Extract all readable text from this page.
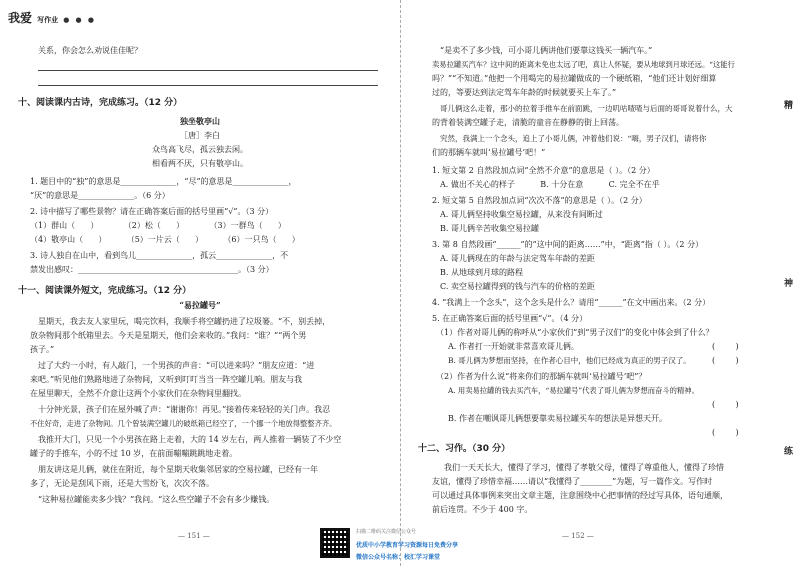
我爱 写作业 ● ● ●
关系，你会怎么劝说佳佳呢？
十、阅读课内古诗，完成练习。（12 分）
独坐敬亭山
［唐］李白
众鸟高飞尽，孤云独去闲。
相看两不厌，只有敬亭山。
1. 题目中的“独”的意思是______________，“尽”的意思是______________，
“厌”的意思是______________。（6 分）
2. 诗中描写了哪些景物？请在正确答案后面的括号里画“√”。（3 分）
（1）群山（      ）          （2）松（      ）          （3）一群鸟（      ）
（4）敬亭山（      ）        （5）一片云（      ）        （6）一只鸟（      ）
3. 诗人独自在山中，看到鸟儿______________，孤云______________，不
禁发出感叹：________________________________________。（3 分）
十一、阅读课外短文，完成练习。（12 分）
“易拉罐号”
星期天，我去友人家里玩，喝完饮料，我顺手将空罐扔进了垃圾篓。“不，别丢掉，
放杂物间那个纸箱里去。今天是星期天，他们会来收的。”我问：“谁？”“两个男
孩子。”
过了大约一小时，有人敲门，一个男孩的声音：“可以进来吗？”朋友应道：“进
来吧。”听见他们熟路地进了杂物间，又听到叮叮当当一阵空罐儿响。朋友与我
在屋里聊天，全然不介意让这两个小家伙们在杂物间里翻找。
十分钟光景，孩子们在屋外喊了声：“谢谢你！再见。”接着传来轻轻的关门声。我忍
不住好奇，走进了杂物间。几个曾装满空罐儿的破纸箱已经空了，一个挪一个地放得整整齐齐。
我推开大门，只见一个小男孩在路上走着，大的 14 岁左右，两人推着一辆装了不少空
罐子的手推车，小的不过 10 岁，在前面嘣嘣跳跳地走着。
朋友讲这是儿俩，就住在附近，每个星期天收集邻居家的空易拉罐，已经有一年
多了，无论是刮风下雨，还是大雪纷飞，次次不落。
“这种易拉罐能卖多少钱？”我问。“这么些空罐子不会有多少赚钱。
— 151 —
“是卖不了多少钱，可小哥儿俩讲他们要靠这钱买一辆汽车。”
卖易拉罐买汽车？这中间的距离未免也太远了吧，真让人怀疑，要从地球到月球还远。“这能行
吗？”“不知道。”他把一个用喝完的易拉罐做成的一个硬纸箱，“他们还计划好细算
过的，等要达到法定驾车年龄的时候就要买上车了。”
哥儿俩这么走着，那小的拉着手推车在前面跳，一边叽咕喳喳与后面的哥哥说着什么，大
的背着装满空罐子走，清脆的童音在静静的街上回荡。
究然，我满上一个念头，追上了小哥儿俩，冲着他们说：“嗨，男子汉们，请将你
们的那辆车就叫‘易拉罐号’吧！”
1. 短文第 2 自然段加点词“全然不介意”的意思是（ ）。（2 分）
A. 做出不关心的样子          B. 十分在意          C. 完全不在乎
2. 短文第 5 自然段加点词“次次不落”的意思是（ ）。（2 分）
A. 哥儿俩坚持收集空易拉罐，从来没有间断过
B. 哥儿俩辛苦收集空易拉罐
3. 第 8 自然段画“______”的“这中间的距离……”中，“距离”指（ ）。（2 分）
A. 哥儿俩现在的年龄与法定驾车年龄的差距
B. 从地球到月球的路程
C. 卖空易拉罐得到的钱与汽车的价格的差距
4. “我满上一个念头”，这个念头是什么？请用“______”在文中画出来。（2 分）
5. 在正确答案后面的括号里画“√”。（4 分）
（1）作者对哥儿俩的称呼从“小家伙们”到“男子汉们”的变化中体会到了什么？
A. 作者打一开始就非常喜欢哥儿俩。	(        )
B. 哥儿俩为梦想而坚持，在作者心目中，他们已经成为真正的男子汉了。	(        )
（2）作者为什么说“将来你们的那辆车就叫‘易拉罐号’吧”？
A. 用卖易拉罐的钱去买汽车，“易拉罐号”代表了哥儿俩为梦想而奋斗的精神。
(        )
B. 作者在嘲讽哥儿俩想要靠卖易拉罐买车的想法是异想天开。
(        )
十二、习作。（30 分）
我们一天天长大，懂得了学习，懂得了孝敬父母，懂得了尊重他人，懂得了珍惜
友谊，懂得了珍惜幸福……请以“我懂得了________”为题，写一篇作文。写作时
可以通过具体事例来突出文章主题，注意围绕中心把事情的经过写具体，语句通顺，
前后连贯。不少于 400 字。
— 152 —
精
神
练
扫描二维码关注微信公众号
优质中小学教育学习资源每日免费分享
微信公众号名称：校汇学习课堂
